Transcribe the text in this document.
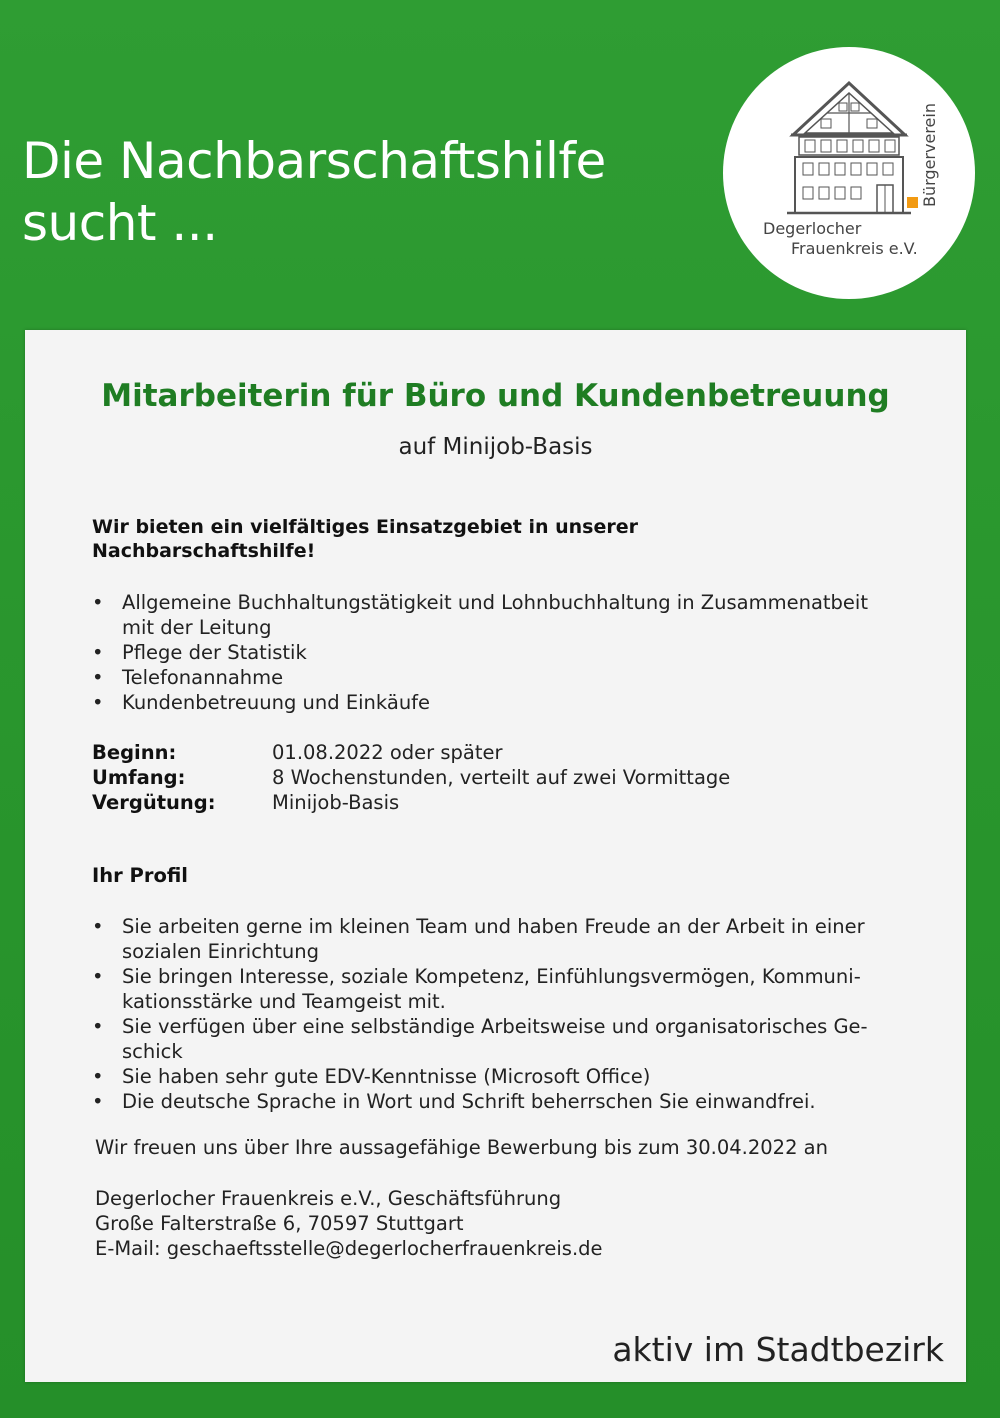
Die Nachbarschaftshilfe
sucht ...
Bürgerverein
Degerlocher
Frauenkreis e.V.
Mitarbeiterin für Büro und Kundenbetreuung
auf Minijob-Basis
Wir bieten ein vielfältiges Einsatzgebiet in unserer Nachbarschaftshilfe!
• Allgemeine Buchhaltungstätigkeit und Lohnbuchhaltung in Zusammenatbeit
mit der Leitung
• Pflege der Statistik
• Telefonannahme
• Kundenbetreuung und Einkäufe
Beginn:	01.08.2022 oder später
Umfang:	8 Wochenstunden, verteilt auf zwei Vormittage
Vergütung:	Minijob-Basis
Ihr Profil
• Sie arbeiten gerne im kleinen Team und haben Freude an der Arbeit in einer
sozialen Einrichtung
• Sie bringen Interesse, soziale Kompetenz, Einfühlungsvermögen, Kommuni-
kationsstärke und Teamgeist mit.
• Sie verfügen über eine selbständige Arbeitsweise und organisatorisches Ge-
schick
• Sie haben sehr gute EDV-Kenntnisse (Microsoft Office)
• Die deutsche Sprache in Wort und Schrift beherrschen Sie einwandfrei.
Wir freuen uns über Ihre aussagefähige Bewerbung bis zum 30.04.2022 an
Degerlocher Frauenkreis e.V., Geschäftsführung
Große Falterstraße 6, 70597 Stuttgart
E-Mail: geschaeftsstelle@degerlocherfrauenkreis.de
aktiv im Stadtbezirk
